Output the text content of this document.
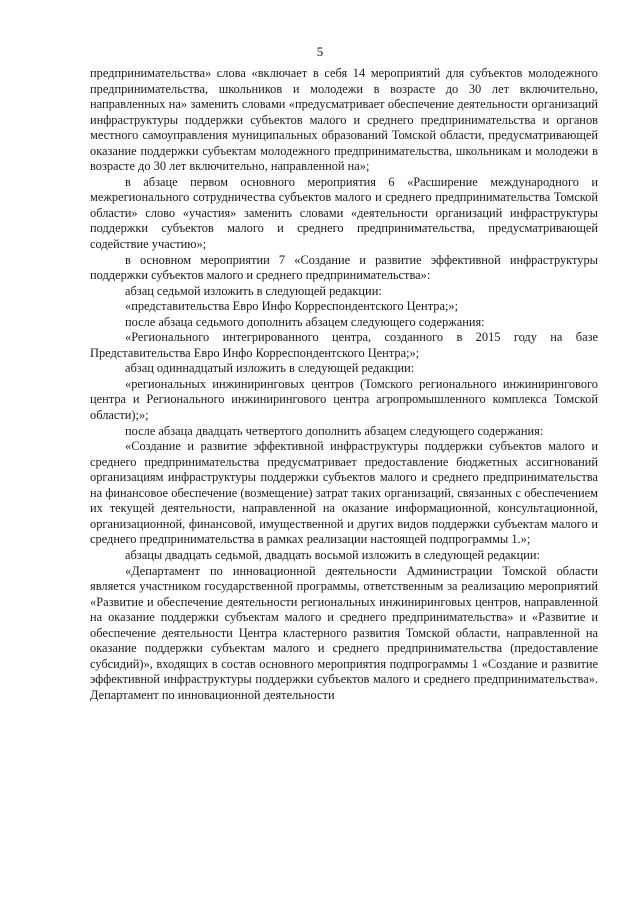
5

предпринимательства» слова «включает в себя 14 мероприятий для субъектов молодежного предпринимательства, школьников и молодежи в возрасте до 30 лет включительно, направленных на» заменить словами «предусматривает обеспечение деятельности организаций инфраструктуры поддержки субъектов малого и среднего предпринимательства и органов местного самоуправления муниципальных образований Томской области, предусматривающей оказание поддержки субъектам молодежного предпринимательства, школьникам и молодежи в возрасте до 30 лет включительно, направленной на»;

в абзаце первом основного мероприятия 6 «Расширение международного и межрегионального сотрудничества субъектов малого и среднего предпринимательства Томской области» слово «участия» заменить словами «деятельности организаций инфраструктуры поддержки субъектов малого и среднего предпринимательства, предусматривающей содействие участию»;

в основном мероприятии 7 «Создание и развитие эффективной инфраструктуры поддержки субъектов малого и среднего предпринимательства»:

абзац седьмой изложить в следующей редакции:

«представительства Евро Инфо Корреспондентского Центра;»;

после абзаца седьмого дополнить абзацем следующего содержания:

«Регионального интегрированного центра, созданного в 2015 году на базе Представительства Евро Инфо Корреспондентского Центра;»;

абзац одиннадцатый изложить в следующей редакции:

«региональных инжиниринговых центров (Томского регионального инжинирингового центра и Регионального инжинирингового центра агропромышленного комплекса Томской области);»;

после абзаца двадцать четвертого дополнить абзацем следующего содержания:

«Создание и развитие эффективной инфраструктуры поддержки субъектов малого и среднего предпринимательства предусматривает предоставление бюджетных ассигнований организациям инфраструктуры поддержки субъектов малого и среднего предпринимательства на финансовое обеспечение (возмещение) затрат таких организаций, связанных с обеспечением их текущей деятельности, направленной на оказание информационной, консультационной, организационной, финансовой, имущественной и других видов поддержки субъектам малого и среднего предпринимательства в рамках реализации настоящей подпрограммы 1.»;

абзацы двадцать седьмой, двадцать восьмой изложить в следующей редакции:

«Департамент по инновационной деятельности Администрации Томской области является участником государственной программы, ответственным за реализацию мероприятий «Развитие и обеспечение деятельности региональных инжиниринговых центров, направленной на оказание поддержки субъектам малого и среднего предпринимательства» и «Развитие и обеспечение деятельности Центра кластерного развития Томской области, направленной на оказание поддержки субъектам малого и среднего предпринимательства (предоставление субсидий)», входящих в состав основного мероприятия подпрограммы 1 «Создание и развитие эффективной инфраструктуры поддержки субъектов малого и среднего предпринимательства». Департамент по инновационной деятельности
